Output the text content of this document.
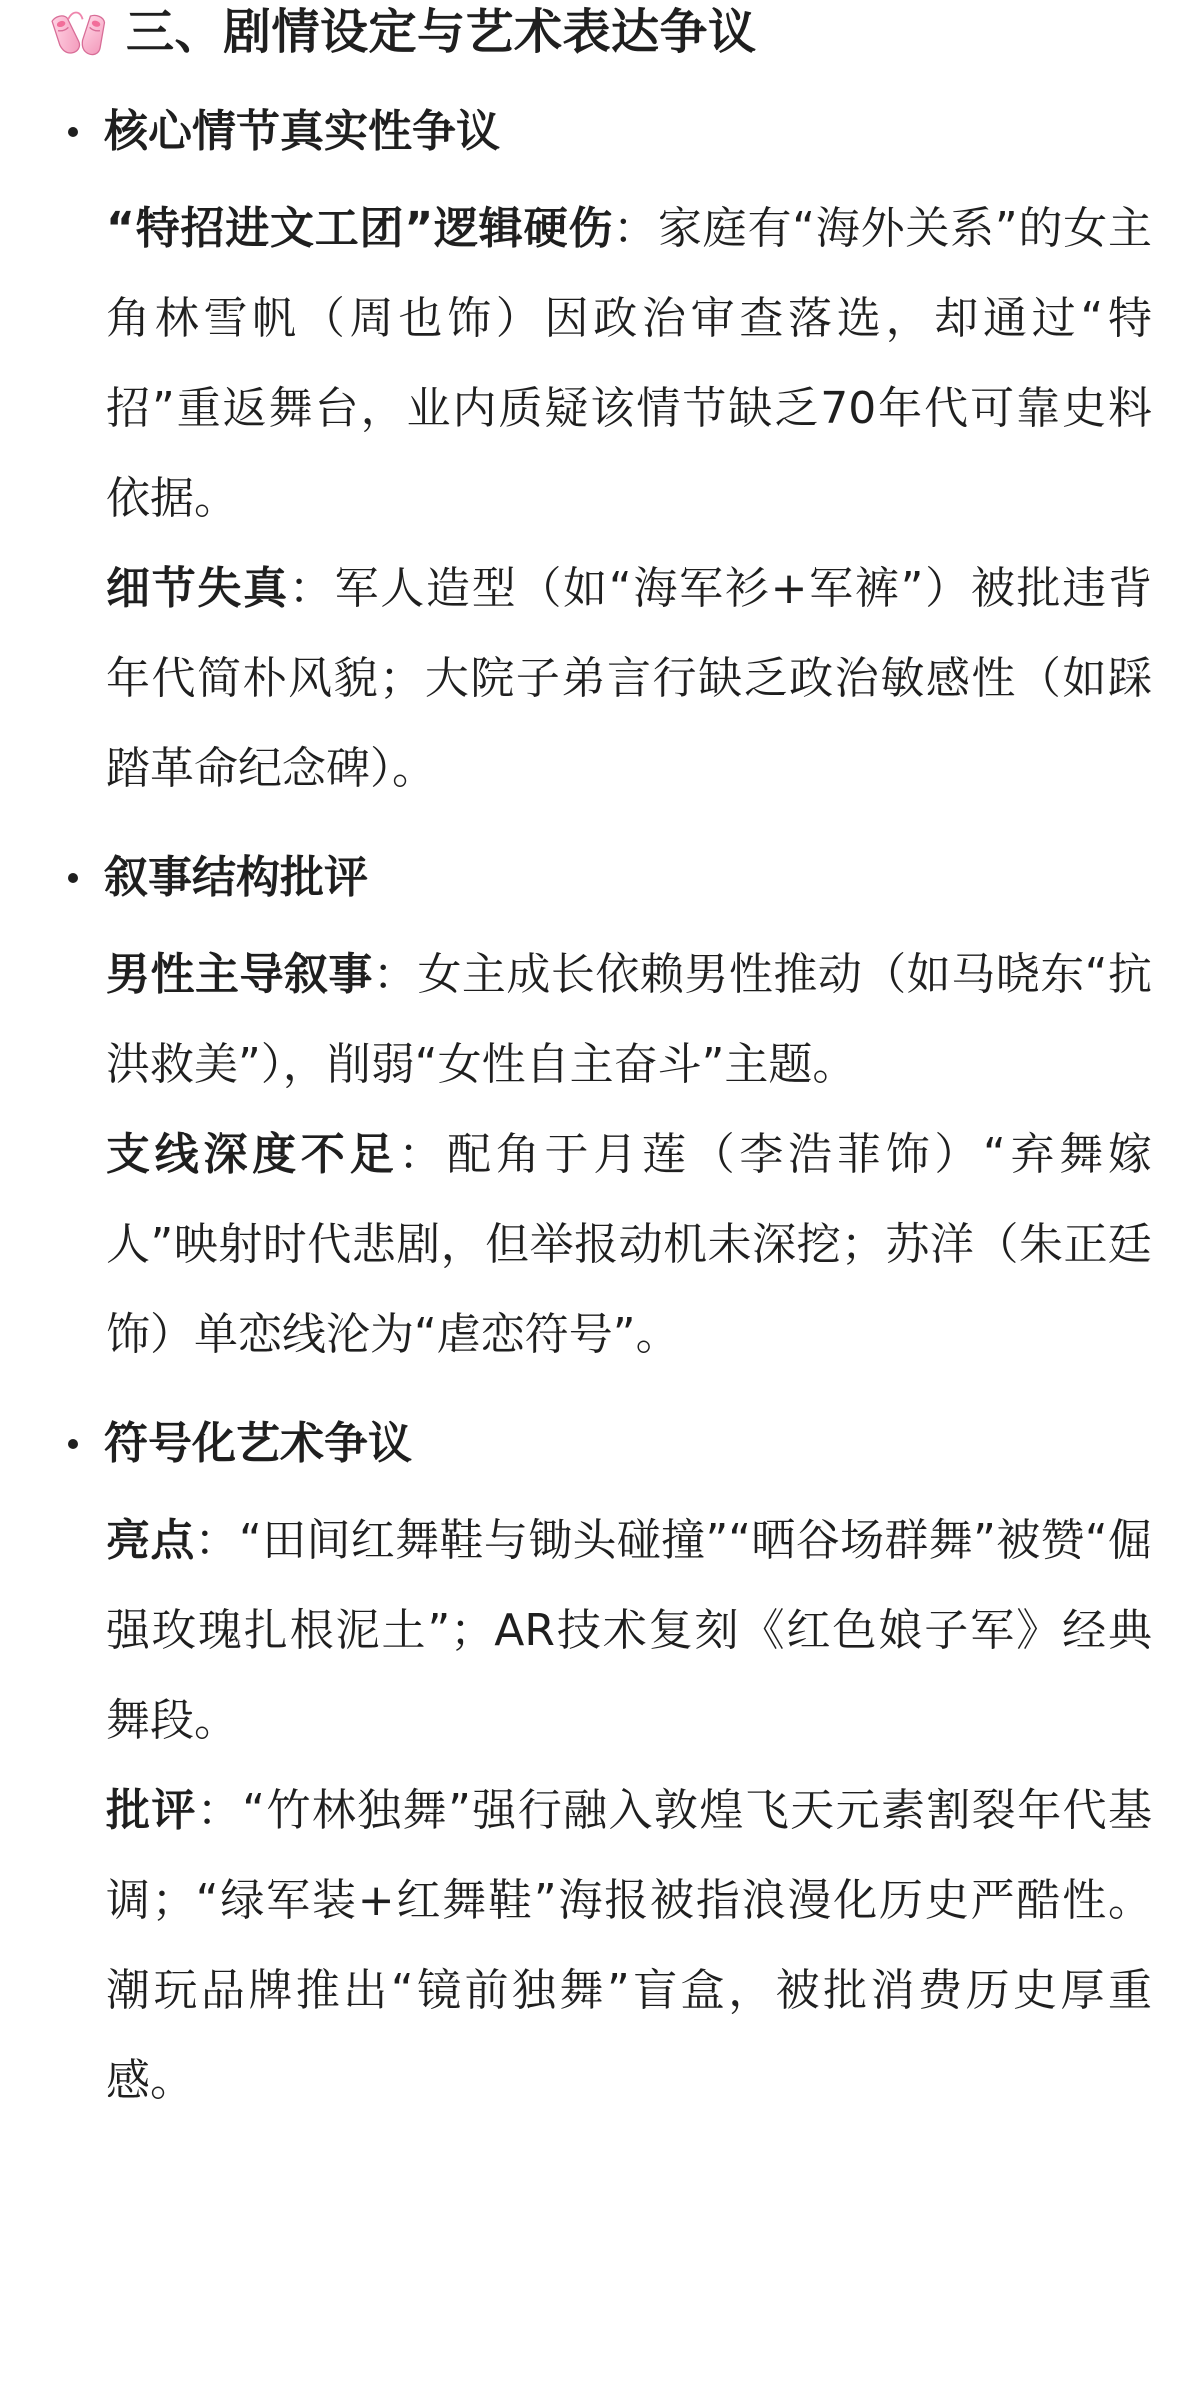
三、剧情设定与艺术表达争议
核心情节真实性争议
“特招进文工团”逻辑硬伤：家庭有“海外关系”的女主角林雪帆（周也饰）因政治审查落选，却通过“特招”重返舞台，业内质疑该情节缺乏70年代可靠史料依据。
细节失真：军人造型（如“海军衫+军裤”）被批违背年代简朴风貌；大院子弟言行缺乏政治敏感性（如踩踏革命纪念碑）。
叙事结构批评
男性主导叙事：女主成长依赖男性推动（如马晓东“抗洪救美”），削弱“女性自主奋斗”主题。
支线深度不足：配角于月莲（李浩菲饰）“弃舞嫁人”映射时代悲剧，但举报动机未深挖；苏洋（朱正廷饰）单恋线沦为“虐恋符号”。
符号化艺术争议
亮点：“田间红舞鞋与锄头碰撞”“晒谷场群舞”被赞“倔强玫瑰扎根泥土”；AR技术复刻《红色娘子军》经典舞段。
批评：“竹林独舞”强行融入敦煌飞天元素割裂年代基调；“绿军装+红舞鞋”海报被指浪漫化历史严酷性。潮玩品牌推出“镜前独舞”盲盒，被批消费历史厚重感。
